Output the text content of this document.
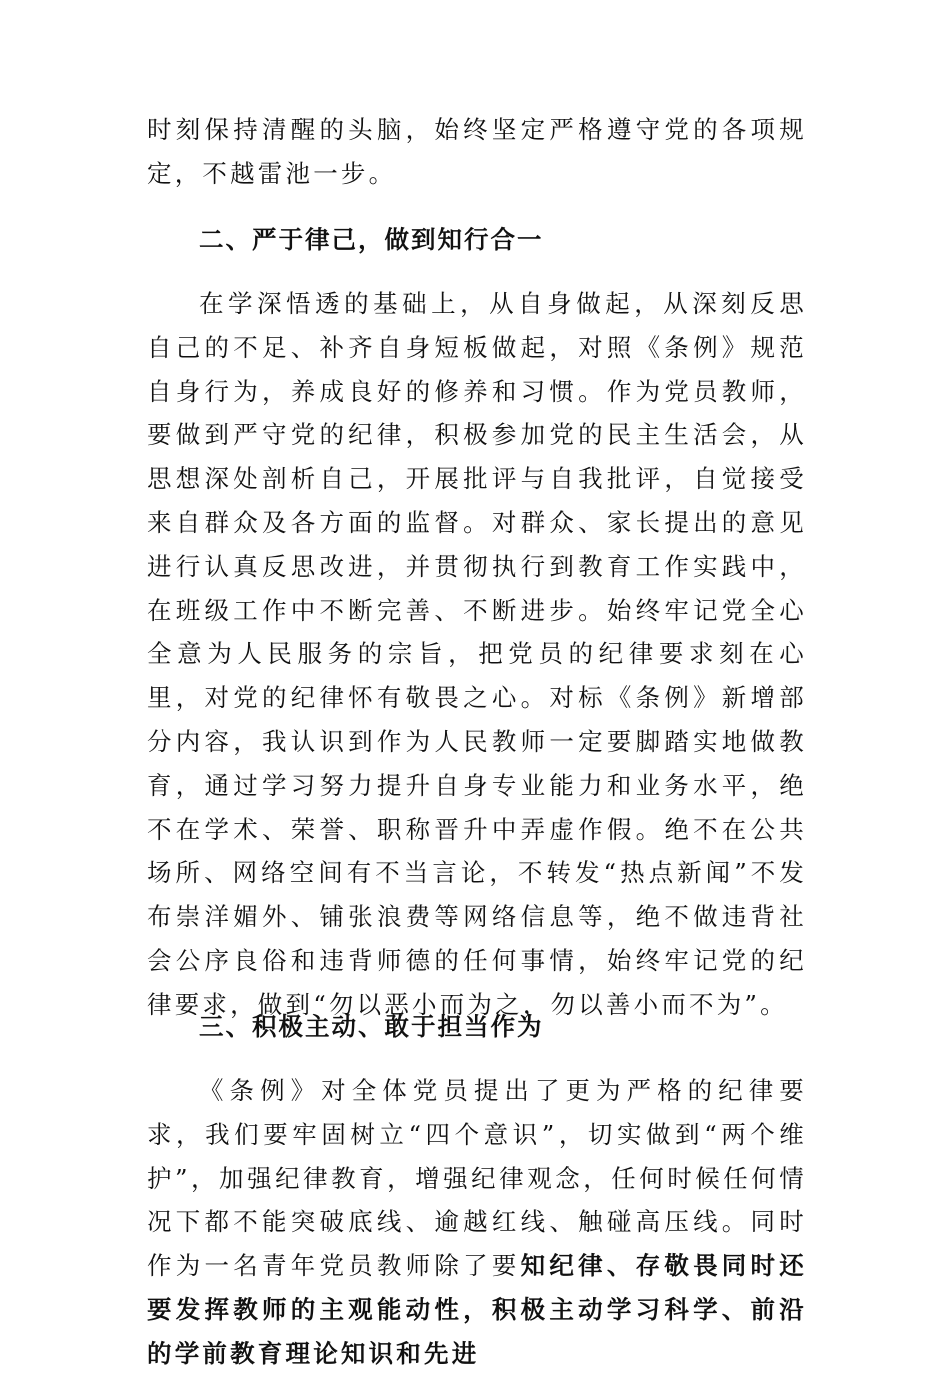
时刻保持清醒的头脑，始终坚定严格遵守党的各项规定，不越雷池一步。

二、严于律己，做到知行合一

在学深悟透的基础上，从自身做起，从深刻反思自己的不足、补齐自身短板做起，对照《条例》规范自身行为，养成良好的修养和习惯。作为党员教师，要做到严守党的纪律，积极参加党的民主生活会，从思想深处剖析自己，开展批评与自我批评，自觉接受来自群众及各方面的监督。对群众、家长提出的意见进行认真反思改进，并贯彻执行到教育工作实践中，在班级工作中不断完善、不断进步。始终牢记党全心全意为人民服务的宗旨，把党员的纪律要求刻在心里，对党的纪律怀有敬畏之心。对标《条例》新增部分内容，我认识到作为人民教师一定要脚踏实地做教育，通过学习努力提升自身专业能力和业务水平，绝不在学术、荣誉、职称晋升中弄虚作假。绝不在公共场所、网络空间有不当言论，不转发“热点新闻”不发布崇洋媚外、铺张浪费等网络信息等，绝不做违背社会公序良俗和违背师德的任何事情，始终牢记党的纪律要求，做到“勿以恶小而为之，勿以善小而不为”。

三、积极主动、敢于担当作为

《条例》对全体党员提出了更为严格的纪律要求，我们要牢固树立“四个意识”，切实做到“两个维护”，加强纪律教育，增强纪律观念，任何时候任何情况下都不能突破底线、逾越红线、触碰高压线。同时作为一名青年党员教师除了要知纪律、存敬畏同时还要发挥教师的主观能动性，积极主动学习科学、前沿的学前教育理论知识和先进
